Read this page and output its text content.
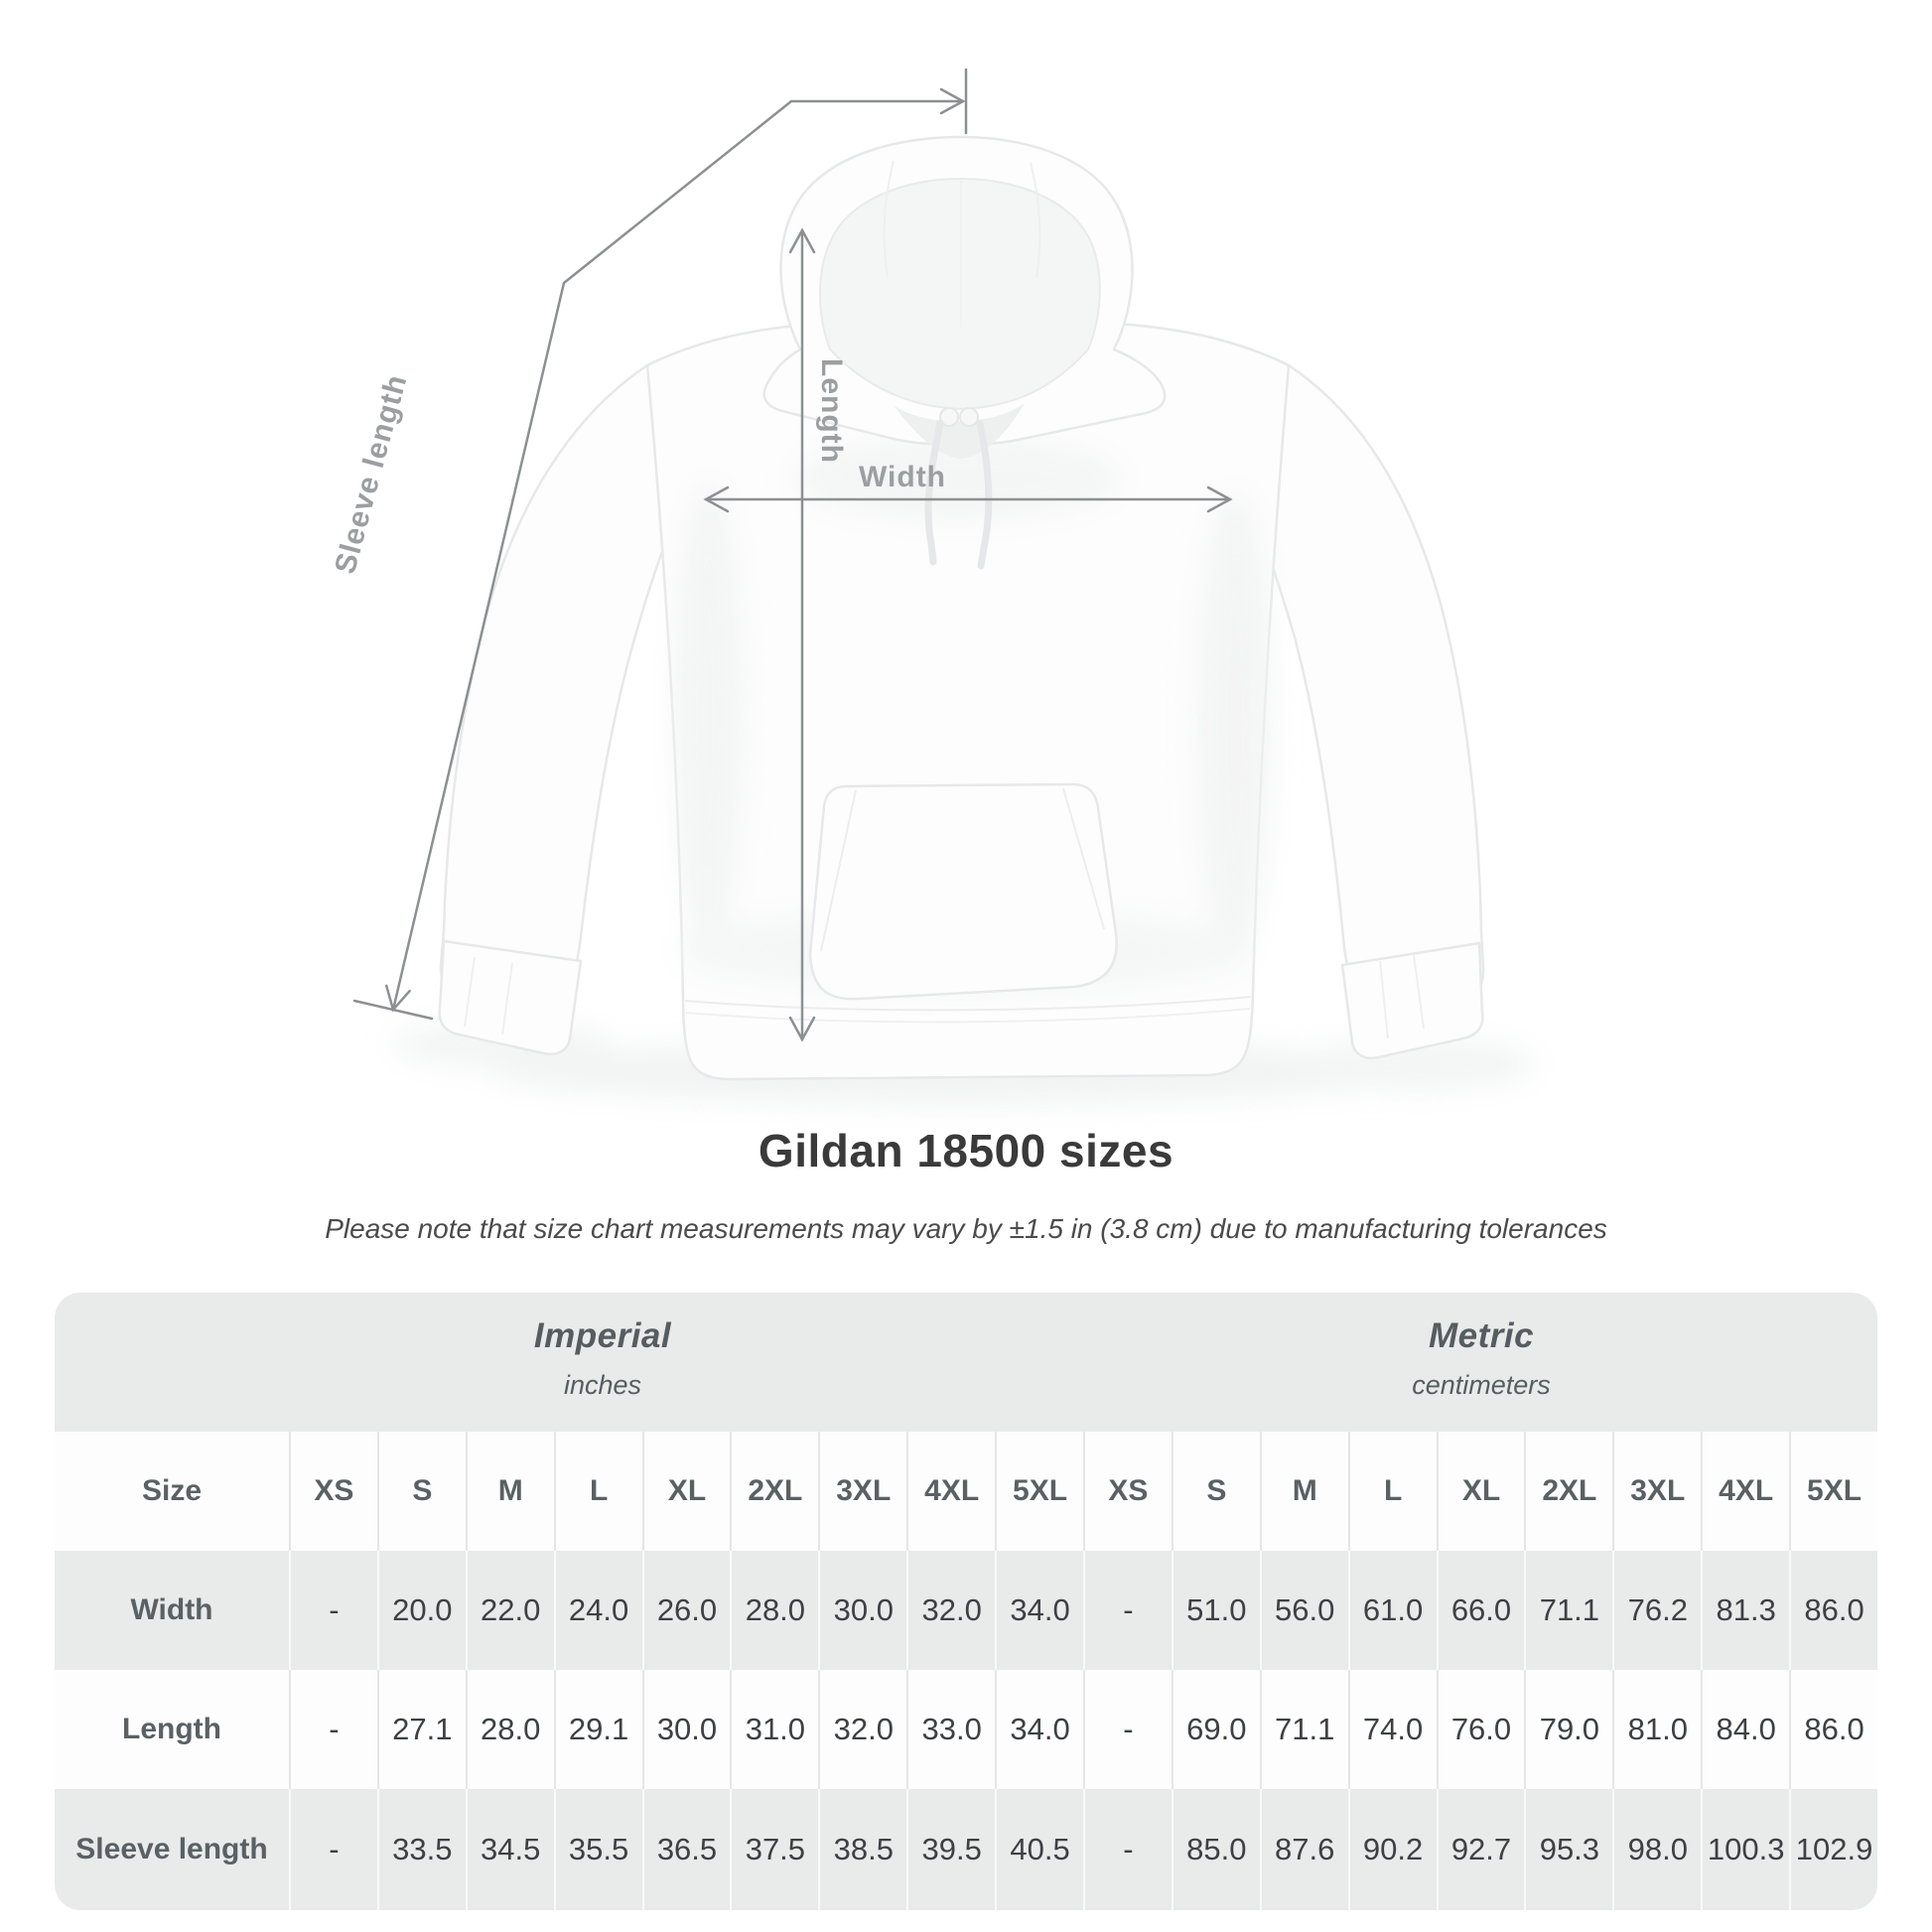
Width
Length
Sleeve length
Gildan 18500 sizes

Please note that size chart measurements may vary by ±1.5 in (3.8 cm) due to manufacturing tolerances

Imperial
inches
Metric
centimeters
Size	XS	S	M	L	XL	2XL	3XL	4XL	5XL	XS	S	M	L	XL	2XL	3XL	4XL	5XL
Width	-	20.0 22.0 24.0 26.0 28.0 30.0 32.0 34.0	-	51.0 56.0 61.0 66.0 71.1 76.2 81.3 86.0
Length	-	27.1 28.0 29.1 30.0 31.0 32.0 33.0 34.0	-	69.0 71.1 74.0 76.0 79.0 81.0 84.0 86.0
Sleeve length	-	33.5 34.5 35.5 36.5 37.5 38.5 39.5 40.5	-	85.0 87.6 90.2 92.7 95.3 98.0 100.3 102.9
